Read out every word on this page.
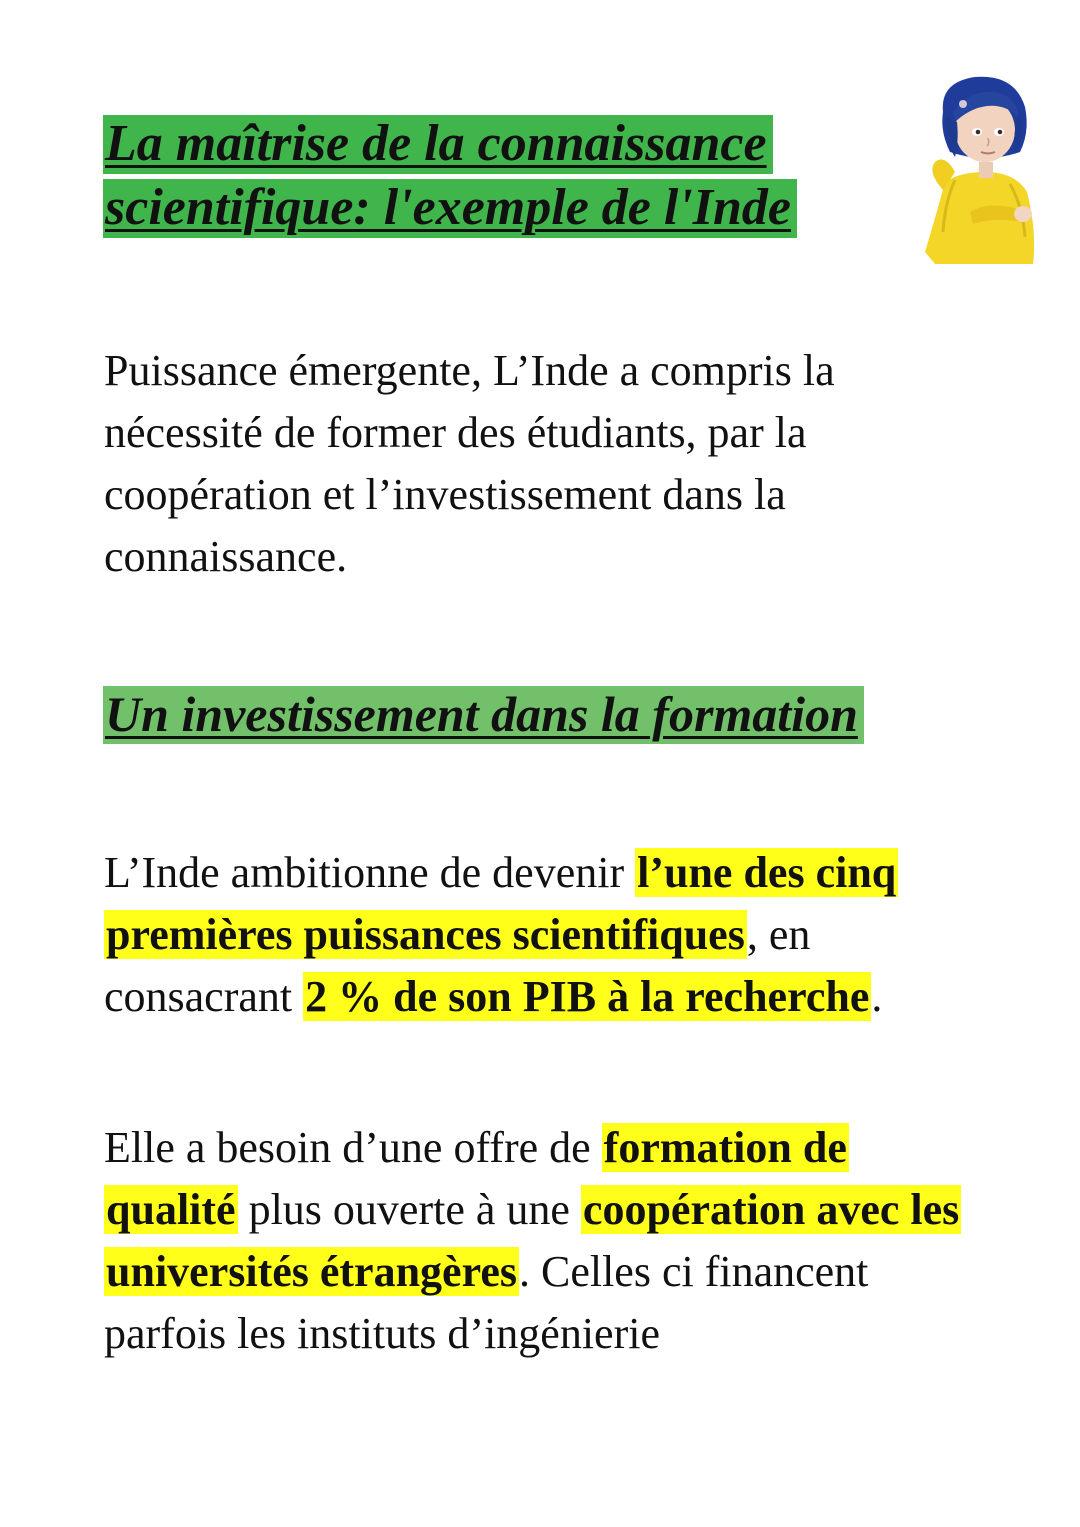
La maîtrise de la connaissance
scientifique: l'exemple de l'Inde

Puissance émergente, L’Inde a compris la nécessité de former des étudiants, par la coopération et l’investissement dans la connaissance.

Un investissement dans la formation

L’Inde ambitionne de devenir l’une des cinq premières puissances scientifiques, en consacrant 2 % de son PIB à la recherche.

Elle a besoin d’une offre de formation de qualité plus ouverte à une coopération avec les universités étrangères. Celles ci financent parfois les instituts d’ingénierie
